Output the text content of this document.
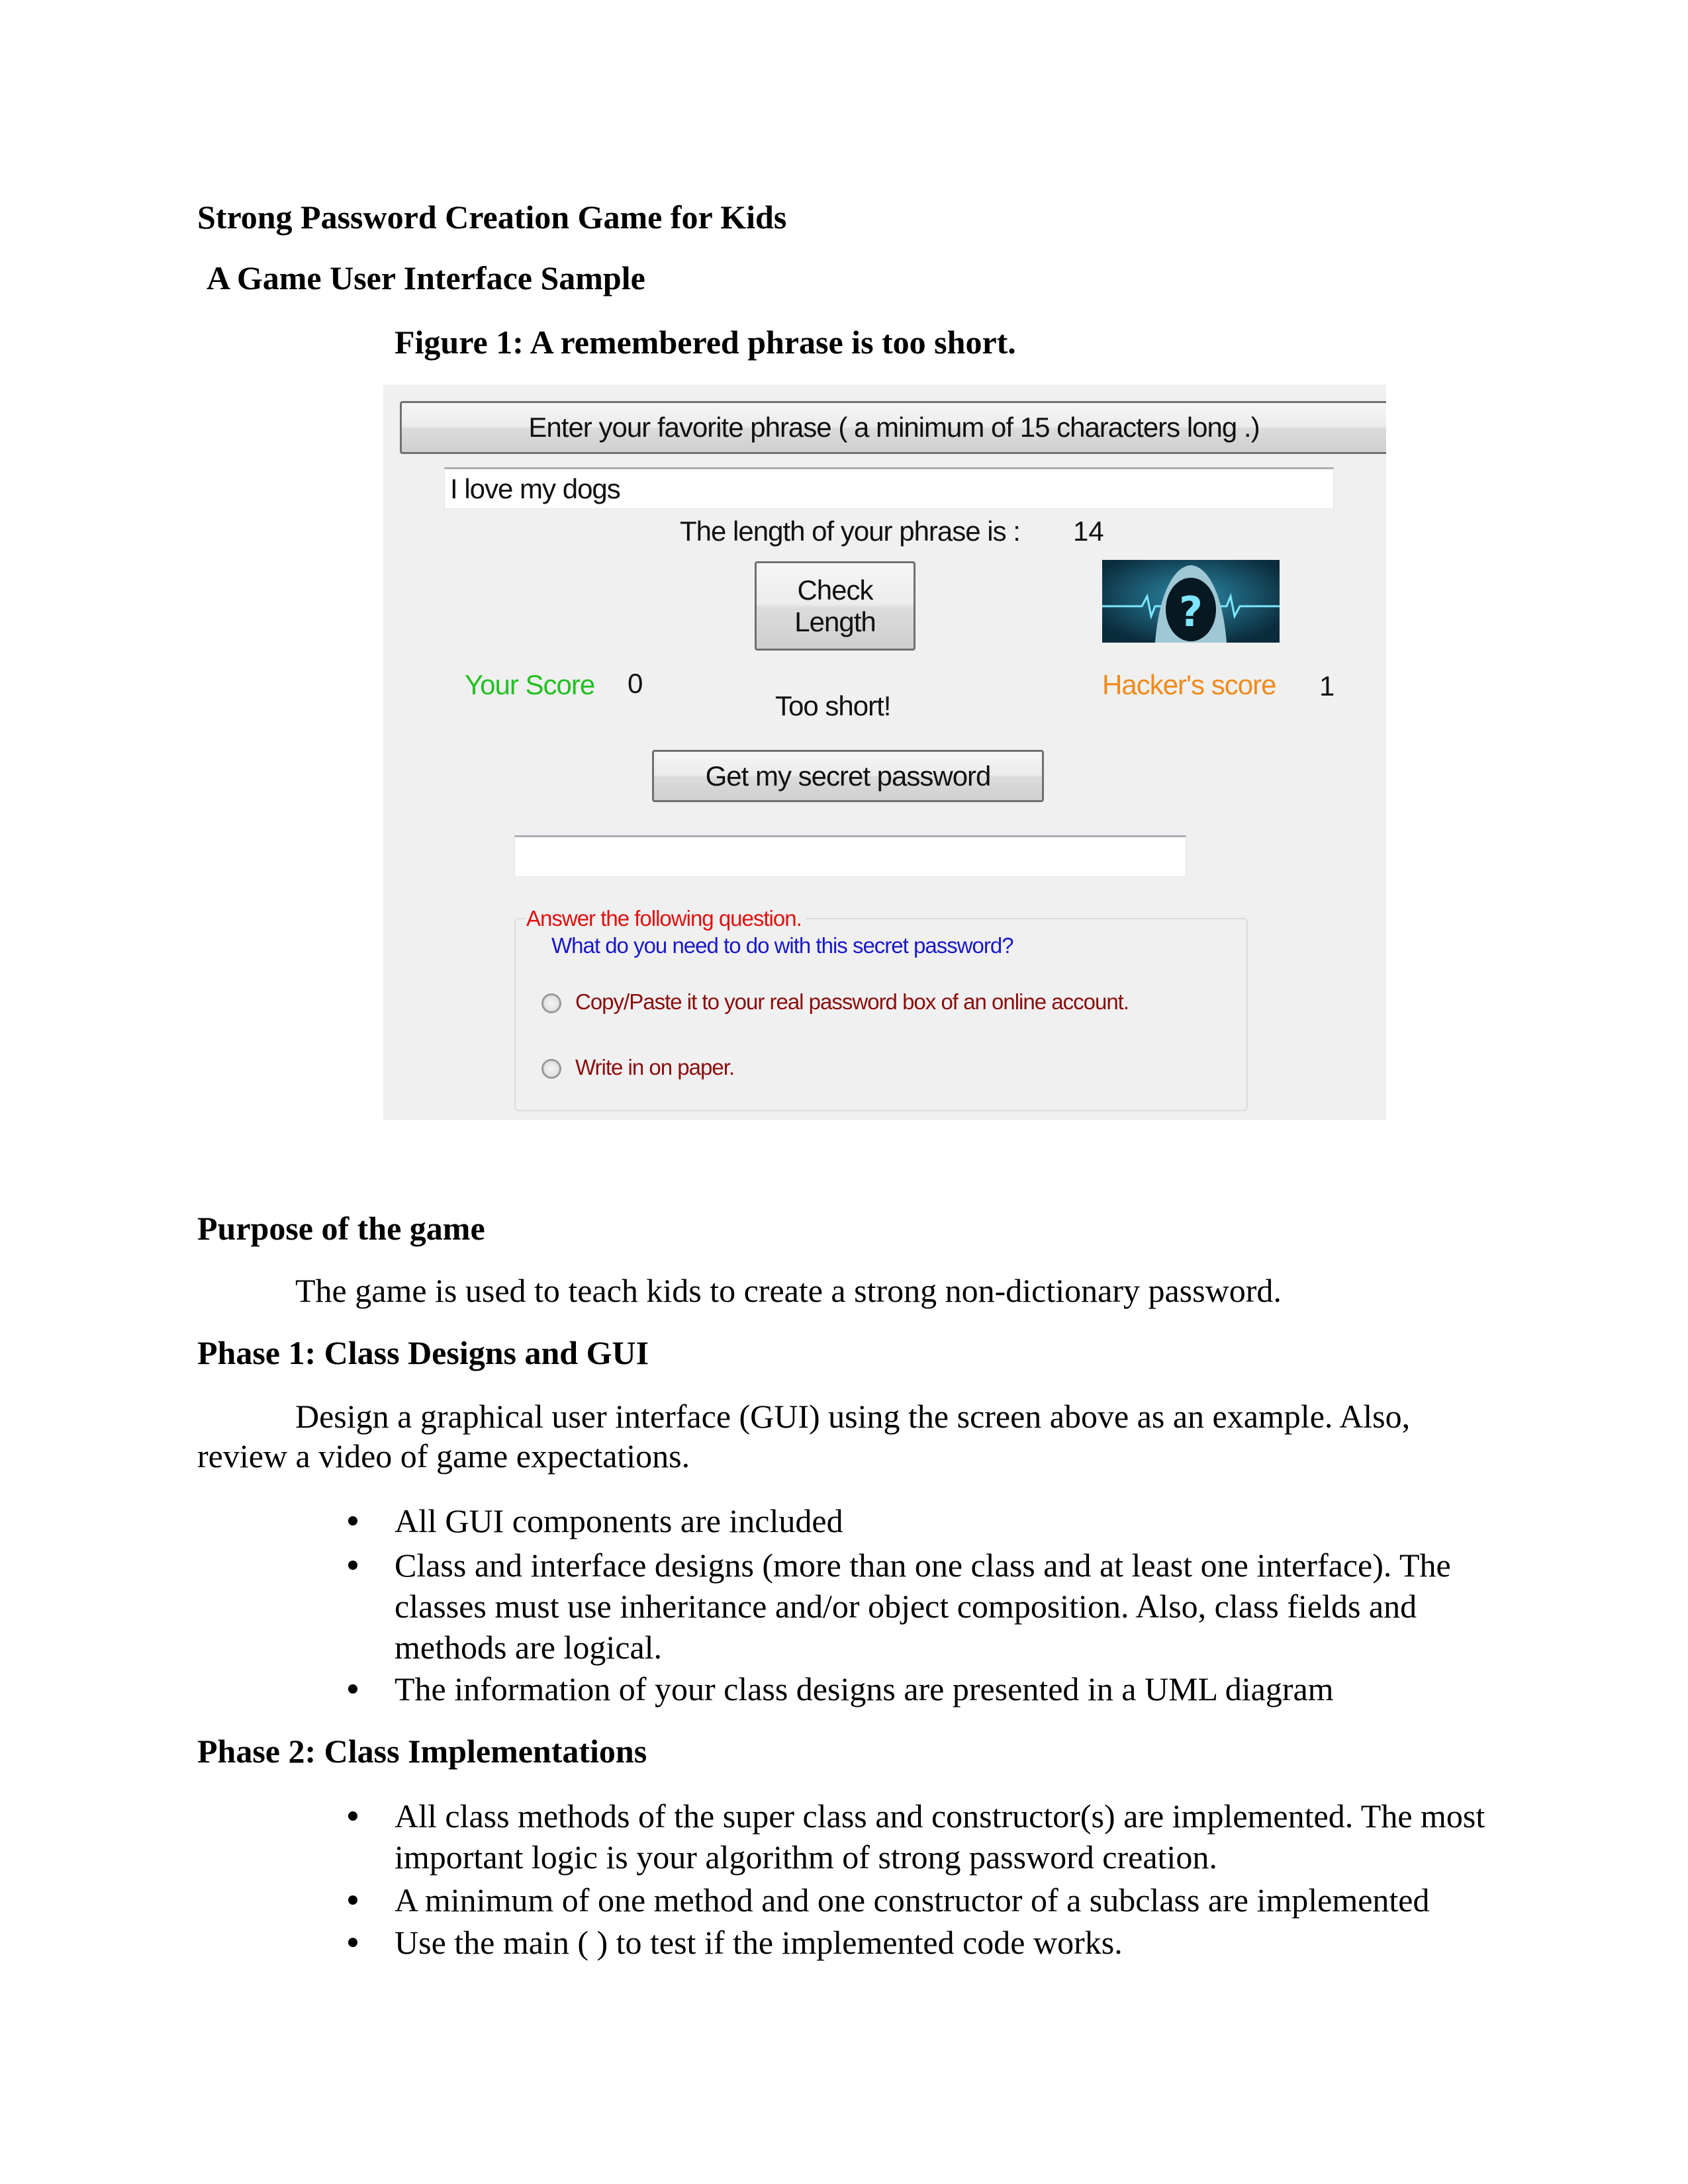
Strong Password Creation Game for Kids
A Game User Interface Sample
Figure 1: A remembered phrase is too short.
Enter your favorite phrase ( a minimum of 15 characters long .)
I love my dogs
The length of your phrase is : 14
Check
Length	?
Your Score 0
Too short!
Hacker's score 1
Get my secret password
Answer the following question.
What do you need to do with this secret password?
Copy/Paste it to your real password box of an online account.
Write in on paper.
Purpose of the game
The game is used to teach kids to create a strong non-dictionary password.
Phase 1: Class Designs and GUI
Design a graphical user interface (GUI) using the screen above as an example. Also,
review a video of game expectations.
All GUI components are included
Class and interface designs (more than one class and at least one interface). The
classes must use inheritance and/or object composition. Also, class fields and
methods are logical.
The information of your class designs are presented in a UML diagram
Phase 2: Class Implementations
All class methods of the super class and constructor(s) are implemented. The most
important logic is your algorithm of strong password creation.
A minimum of one method and one constructor of a subclass are implemented
Use the main ( ) to test if the implemented code works.
